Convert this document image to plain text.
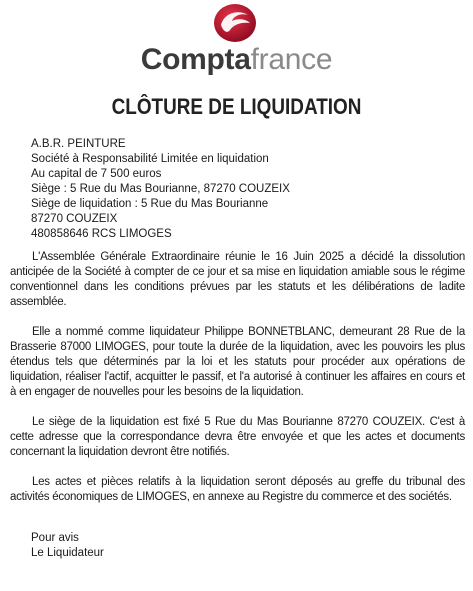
Comptafrance
CLÔTURE DE LIQUIDATION
A.B.R. PEINTURE
Société à Responsabilité Limitée en liquidation
Au capital de 7 500 euros
Siège : 5 Rue du Mas Bourianne, 87270 COUZEIX
Siège de liquidation : 5 Rue du Mas Bourianne
87270 COUZEIX
480858646 RCS LIMOGES

L'Assemblée Générale Extraordinaire réunie le 16 Juin 2025 a décidé la dissolution anticipée de la Société à compter de ce jour et sa mise en liquidation amiable sous le régime conventionnel dans les conditions prévues par les statuts et les délibérations de ladite assemblée.

Elle a nommé comme liquidateur Philippe BONNETBLANC, demeurant 28 Rue de la Brasserie 87000 LIMOGES, pour toute la durée de la liquidation, avec les pouvoirs les plus étendus tels que déterminés par la loi et les statuts pour procéder aux opérations de liquidation, réaliser l'actif, acquitter le passif, et l'a autorisé à continuer les affaires en cours et à en engager de nouvelles pour les besoins de la liquidation.

Le siège de la liquidation est fixé 5 Rue du Mas Bourianne 87270 COUZEIX. C'est à cette adresse que la correspondance devra être envoyée et que les actes et documents concernant la liquidation devront être notifiés.

Les actes et pièces relatifs à la liquidation seront déposés au greffe du tribunal des activités économiques de LIMOGES, en annexe au Registre du commerce et des sociétés.

Pour avis
Le Liquidateur
